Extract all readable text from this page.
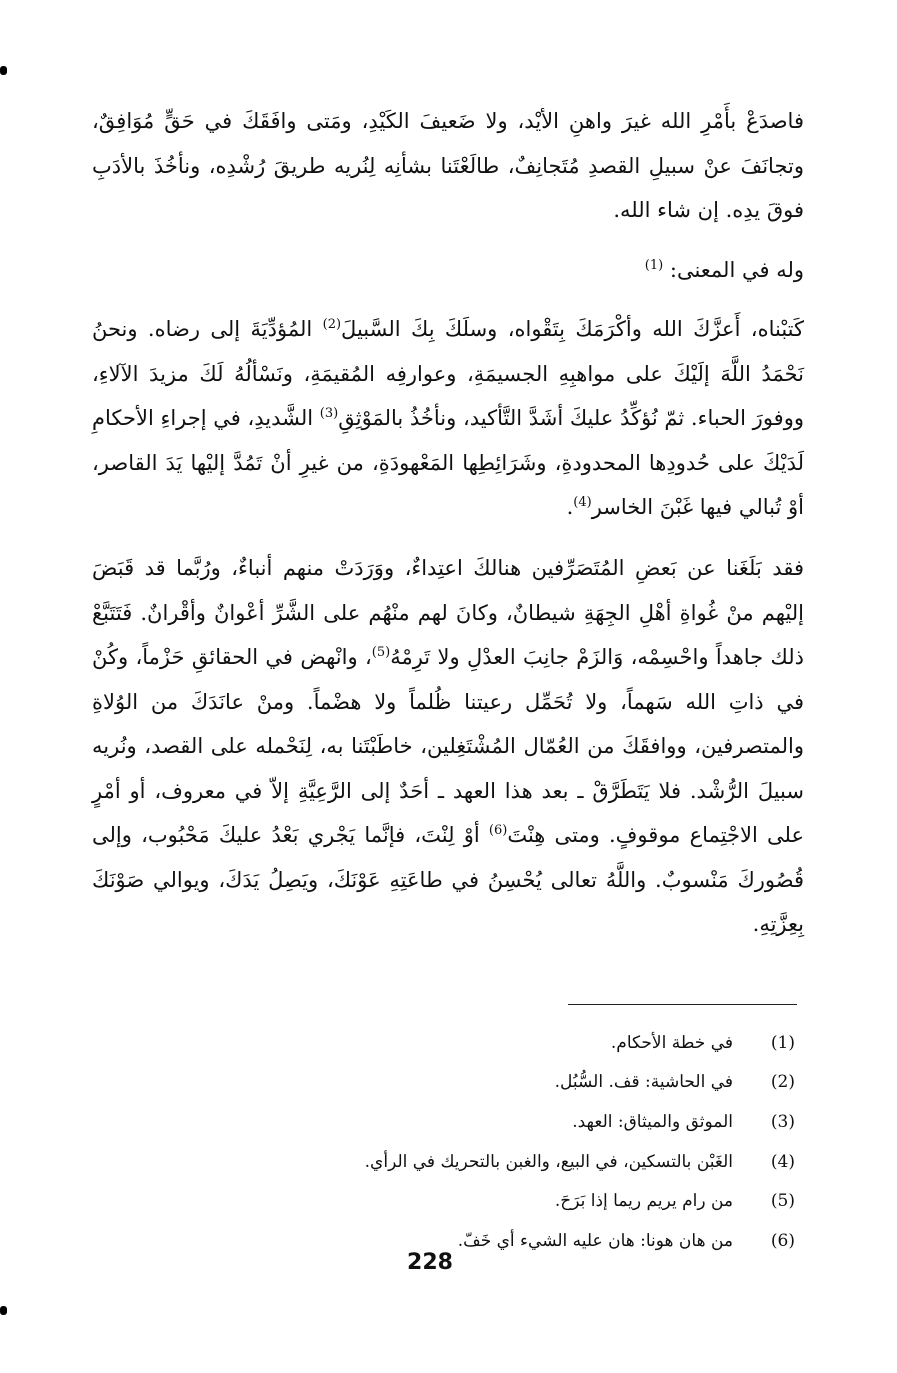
فاصدَعْ بأَمْرِ الله غيرَ واهنِ الأيْد، ولا ضَعيفَ الكَيْدِ، ومَتى وافَقَكَ في حَقٍّ مُوَافِقٌ، وتجانَفَ عنْ سبيلِ القصدِ مُتَجانِفٌ، طالَعْتَنا بشأنِه لِنُريه طريقَ رُشْدِه، ونأخُذَ بالأدَبِ فوقَ يدِه. إن شاء الله.

وله في المعنى: $^{(1)}$

كَتبْناه، أَعزَّكَ الله وأكْرَمَكَ بِتَقْواه، وسلَكَ بِكَ السَّبيلَ$^{(2)}$ المُؤدِّيَةَ إلى رضاه. ونحنُ نَحْمَدُ اللَّهَ إلَيْكَ على مواهبِهِ الجسيمَةِ، وعوارفِه المُقيمَةِ، ونَسْألُهُ لَكَ مزيدَ الآلاءِ، ووفورَ الحباء. ثمّ نُؤكِّدُ عليكَ أشَدَّ التَّأكيد، ونأخُذُ بالمَوْثِقِ$^{(3)}$ الشَّديدِ، في إجراءِ الأحكامِ لَدَيْكَ على حُدودِها المحدودةِ، وشَرَائِطِها المَعْهودَةِ، من غيرِ أنْ تَمُدَّ إليْها يَدَ القاصر، أوْ تُبالي فيها غَبْنَ الخاسر$^{(4)}$.

فقد بَلَغَنا عن بَعضِ المُتَصَرِّفين هنالكَ اعتِداءٌ، ووَرَدَتْ منهم أنباءٌ، ورُبَّما قد قَبَضَ إليْهم منْ غُواةِ أهْلِ الجِهَةِ شيطانٌ، وكانَ لهم منْهُم على الشَّرِّ أعْوانٌ وأقْرانٌ. فَتَتَبَّعْ ذلك جاهداً واحْسِمْه، وَالزَمْ جانِبَ العدْلِ ولا تَرِمْهُ$^{(5)}$، وانْهض في الحقائقِ حَزْماً، وكُنْ في ذاتِ الله سَهماً، ولا تُحَمِّل رعيتنا ظُلماً ولا هضْماً. ومنْ عانَدَكَ من الوُلاةِ والمتصرفين، ووافقَكَ من العُمّال المُشْتَغِلين، خاطَبْتَنا به، لِنَحْمله على القصد، ونُريه سبيلَ الرُّشْد. فلا يَتَطَرَّقْ ـ بعد هذا العهد ـ أحَدٌ إلى الرَّعِيَّةِ إلاّ في معروف، أو أمْرٍ على الاجْتِماع موقوفٍ. ومتى هِنْتَ$^{(6)}$ أوْ لِنْتَ، فإنَّما يَجْري بَعْدُ عليكَ مَحْبُوب، وإلى قُصُوركَ مَنْسوبٌ. واللَّهُ تعالى يُحْسِنُ في طاعَتِهِ عَوْنَكَ، ويَصِلُ يَدَكَ، ويوالي صَوْنَكَ بِعِزَّتِهِ.

(1)
في خطة الأحكام.
(2)
في الحاشية: قف. السُّبُل.
(3)
الموثق والميثاق: العهد.
(4)
الغَبْن بالتسكين، في البيع، والغبن بالتحريك في الرأي.
(5)
من رام يريم ريما إذا بَرَحَ.
(6)
من هان هونا: هان عليه الشيء أي خَفّ.
228
